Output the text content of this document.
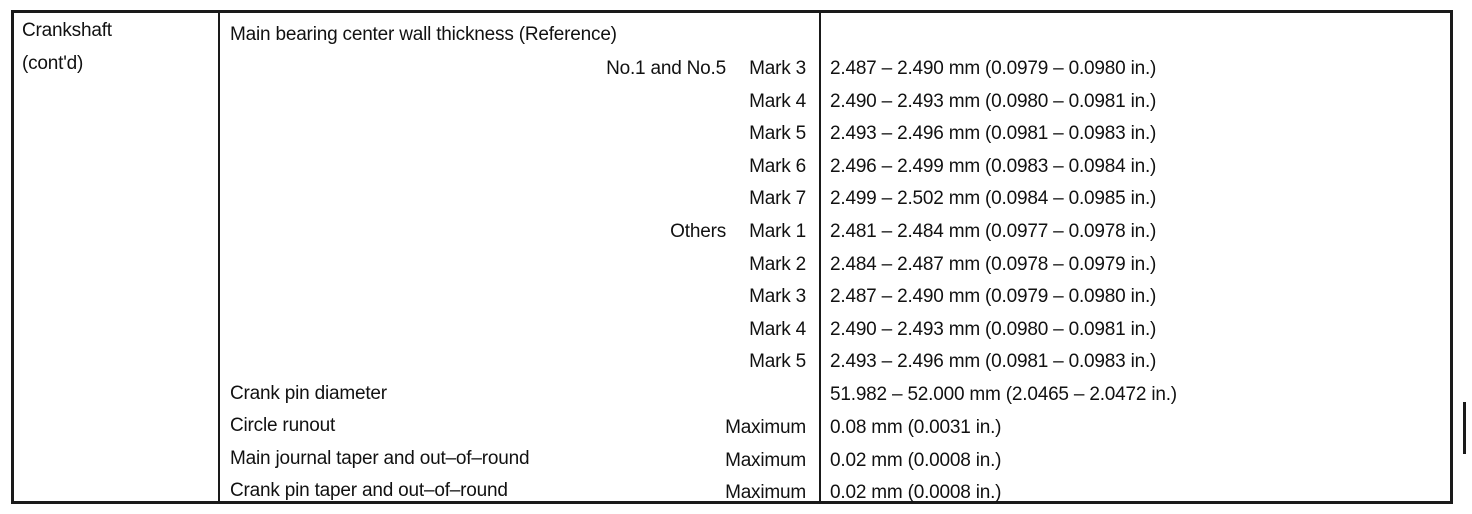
Crankshaft
(cont'd)
Main bearing center wall thickness (Reference)
No.1 and No.5	Mark 3 2.487 – 2.490 mm (0.0979 – 0.0980 in.)
Mark 4 2.490 – 2.493 mm (0.0980 – 0.0981 in.)
Mark 5 2.493 – 2.496 mm (0.0981 – 0.0983 in.)
Mark 6 2.496 – 2.499 mm (0.0983 – 0.0984 in.)
Mark 7 2.499 – 2.502 mm (0.0984 – 0.0985 in.)
Others	Mark 1 2.481 – 2.484 mm (0.0977 – 0.0978 in.)
Mark 2 2.484 – 2.487 mm (0.0978 – 0.0979 in.)
Mark 3 2.487 – 2.490 mm (0.0979 – 0.0980 in.)
Mark 4 2.490 – 2.493 mm (0.0980 – 0.0981 in.)
Mark 5 2.493 – 2.496 mm (0.0981 – 0.0983 in.)
Crank pin diameter	51.982 – 52.000 mm (2.0465 – 2.0472 in.)
Circle runout	Maximum 0.08 mm (0.0031 in.)
Main journal taper and out–of–round	Maximum 0.02 mm (0.0008 in.)
Crank pin taper and out–of–round	Maximum 0.02 mm (0.0008 in.)
